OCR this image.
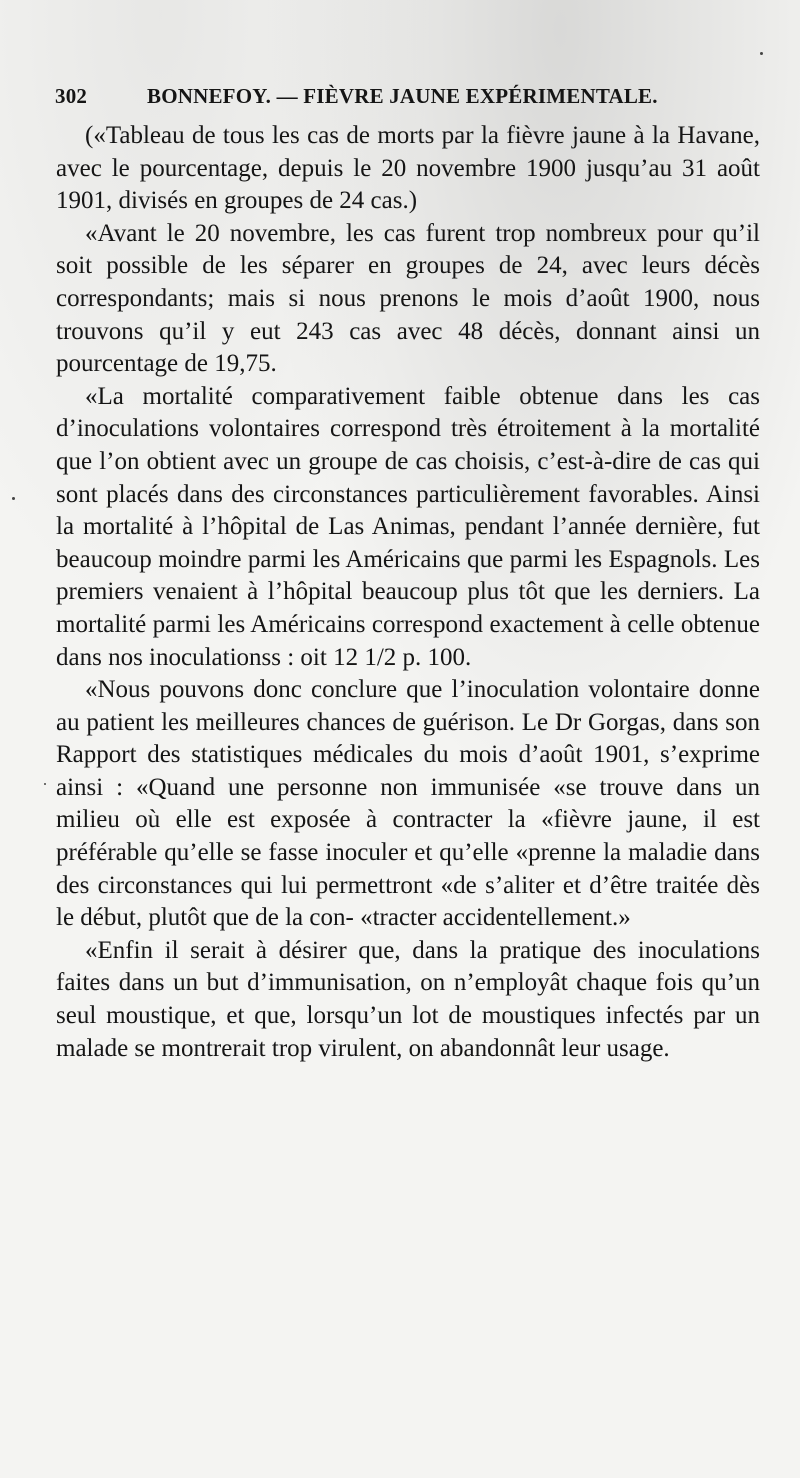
302	BONNEFOY. — FIÈVRE JAUNE EXPÉRIMENTALE.

(«Tableau de tous les cas de morts par la fièvre jaune à la Havane, avec le pourcentage, depuis le 20 novembre 1900 jusqu’au 31 août 1901, divisés en groupes de 24 cas.)

«Avant le 20 novembre, les cas furent trop nombreux pour qu’il soit possible de les séparer en groupes de 24, avec leurs décès correspondants; mais si nous prenons le mois d’août 1900, nous trouvons qu’il y eut 243 cas avec 48 décès, donnant ainsi un pourcentage de 19,75.

«La mortalité comparativement faible obtenue dans les cas d’inoculations volontaires correspond très étroitement à la mortalité que l’on obtient avec un groupe de cas choisis, c’est-à-dire de cas qui sont placés dans des circonstances particulièrement favorables. Ainsi la mortalité à l’hôpital de Las Animas, pendant l’année dernière, fut beaucoup moindre parmi les Américains que parmi les Espagnols. Les premiers venaient à l’hôpital beaucoup plus tôt que les derniers. La mortalité parmi les Américains correspond exactement à celle obtenue dans nos inoculationss : oit 12 1/2 p. 100.

«Nous pouvons donc conclure que l’inoculation volontaire donne au patient les meilleures chances de guérison. Le Dr Gorgas, dans son Rapport des statistiques médicales du mois d’août 1901, s’exprime ainsi : «Quand une personne non immunisée «se trouve dans un milieu où elle est exposée à contracter la «fièvre jaune, il est préférable qu’elle se fasse inoculer et qu’elle «prenne la maladie dans des circonstances qui lui permettront «de s’aliter et d’être traitée dès le début, plutôt que de la con- «tracter accidentellement.»

«Enfin il serait à désirer que, dans la pratique des inoculations faites dans un but d’immunisation, on n’employât chaque fois qu’un seul moustique, et que, lorsqu’un lot de moustiques infectés par un malade se montrerait trop virulent, on abandonnât leur usage.
